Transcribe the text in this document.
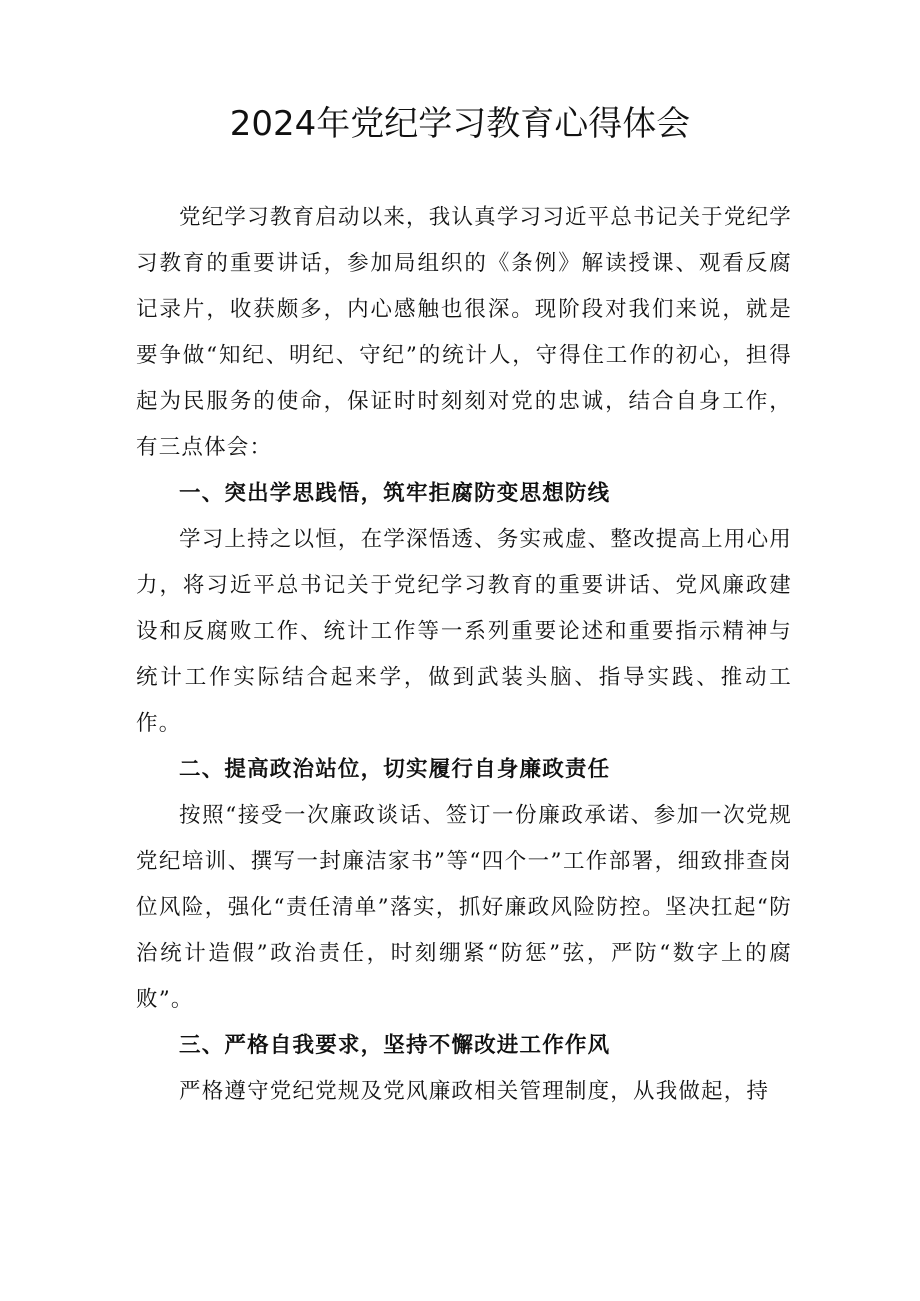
2024年党纪学习教育心得体会

党纪学习教育启动以来，我认真学习习近平总书记关于党纪学习教育的重要讲话，参加局组织的《条例》解读授课、观看反腐记录片，收获颇多，内心感触也很深。现阶段对我们来说，就是要争做“知纪、明纪、守纪”的统计人，守得住工作的初心，担得起为民服务的使命，保证时时刻刻对党的忠诚，结合自身工作，有三点体会：

一、突出学思践悟，筑牢拒腐防变思想防线

学习上持之以恒，在学深悟透、务实戒虚、整改提高上用心用力，将习近平总书记关于党纪学习教育的重要讲话、党风廉政建设和反腐败工作、统计工作等一系列重要论述和重要指示精神与统计工作实际结合起来学，做到武装头脑、指导实践、推动工作。

二、提高政治站位，切实履行自身廉政责任

按照“接受一次廉政谈话、签订一份廉政承诺、参加一次党规党纪培训、撰写一封廉洁家书”等“四个一”工作部署，细致排查岗位风险，强化“责任清单”落实，抓好廉政风险防控。坚决扛起“防治统计造假”政治责任，时刻绷紧“防惩”弦，严防“数字上的腐败”。

三、严格自我要求，坚持不懈改进工作作风

严格遵守党纪党规及党风廉政相关管理制度，从我做起，持
